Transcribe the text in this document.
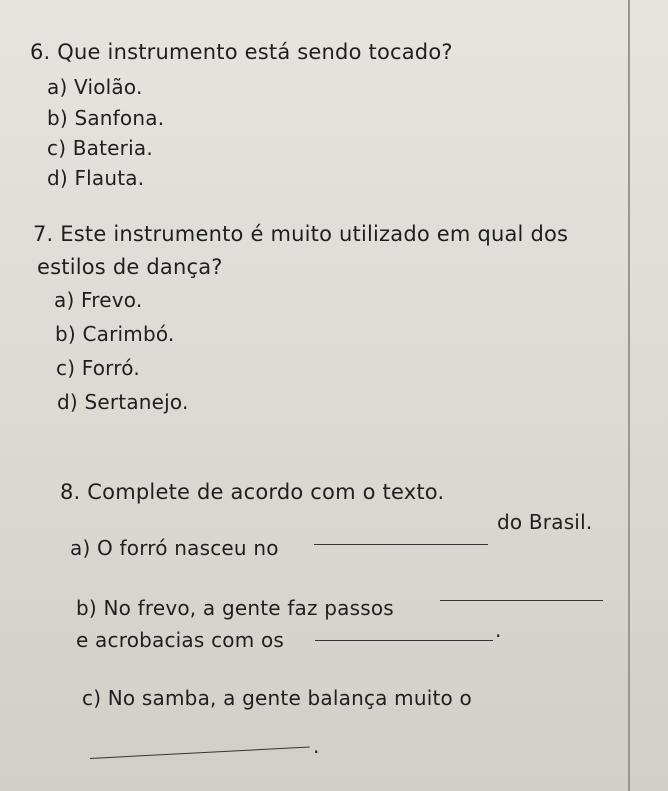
6. Que instrumento está sendo tocado?
a) Violão.
b) Sanfona.
c) Bateria.
d) Flauta.
7. Este instrumento é muito utilizado em qual dos
estilos de dança?
a) Frevo.
b) Carimbó.
c) Forró.
d) Sertanejo.
8. Complete de acordo com o texto.
do Brasil.
a) O forró nasceu no
b) No frevo, a gente faz passos
e acrobacias com os	.
c) No samba, a gente balança muito o
.
